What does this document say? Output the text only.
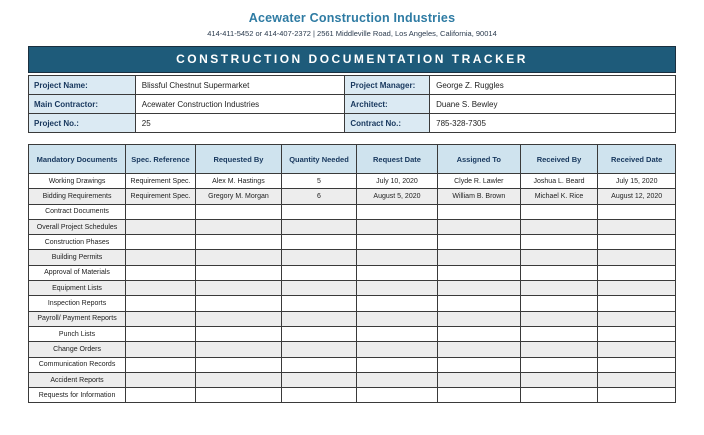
Acewater Construction Industries
414-411-5452 or 414-407-2372 | 2561 Middleville Road, Los Angeles, California, 90014
CONSTRUCTION DOCUMENTATION TRACKER
Project Name:	Blissful Chestnut Supermarket	Project Manager:	George Z. Ruggles
Main Contractor:	Acewater Construction Industries	Architect:	Duane S. Bewley
Project No.:	25	Contract No.:	785-328-7305
Mandatory Documents	Spec. Reference	Requested By	Quantity Needed	Request Date	Assigned To	Received By	Received Date
Working Drawings	Requirement Spec.	Alex M. Hastings	5	July 10, 2020	Clyde R. Lawler	Joshua L. Beard	July 15, 2020
Bidding Requirements	Requirement Spec.	Gregory M. Morgan	6	August 5, 2020	William B. Brown	Michael K. Rice	August 12, 2020
Contract Documents							
Overall Project Schedules							
Construction Phases							
Building Permits							
Approval of Materials							
Equipment Lists							
Inspection Reports							
Payroll/ Payment Reports							
Punch Lists							
Change Orders							
Communication Records							
Accident Reports							
Requests for Information							
